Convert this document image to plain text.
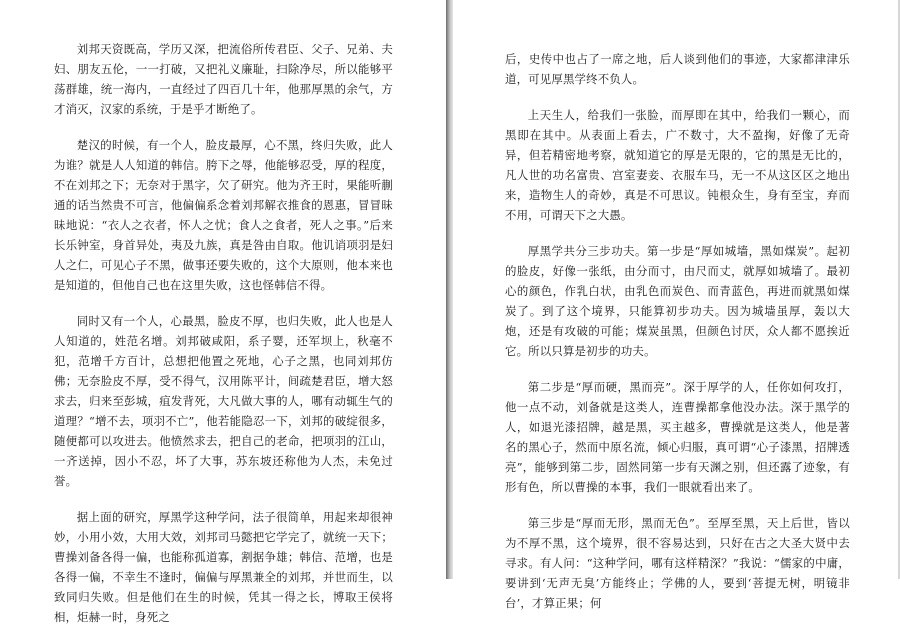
刘邦天资既高，学历又深，把流俗所传君臣、父子、兄弟、夫妇、朋友五伦，一一打破，又把礼义廉耻，扫除净尽，所以能够平荡群雄，统一海内，一直经过了四百几十年，他那厚黑的余气，方才消灭，汉家的系统，于是乎才断绝了。

楚汉的时候，有一个人，脸皮最厚，心不黑，终归失败，此人为谁？就是人人知道的韩信。胯下之辱，他能够忍受，厚的程度，不在刘邦之下；无奈对于黑字，欠了研究。他为齐王时，果能听蒯通的话当然贵不可言，他偏偏系念着刘邦解衣推食的恩惠，冒冒昧昧地说：“衣人之衣者，怀人之忧；食人之食者，死人之事。”后来长乐钟室，身首异处，夷及九族，真是咎由自取。他讥诮项羽是妇人之仁，可见心子不黑，做事还要失败的，这个大原则，他本来也是知道的，但他自己也在这里失败，这也怪韩信不得。

同时又有一个人，心最黑，脸皮不厚，也归失败，此人也是人人知道的，姓范名增。刘邦破咸阳，系子婴，还军坝上，秋毫不犯，范增千方百计，总想把他置之死地，心子之黑，也同刘邦仿佛；无奈脸皮不厚，受不得气，汉用陈平计，间疏楚君臣，增大怒求去，归来至彭城，疽发背死，大凡做大事的人，哪有动辄生气的道理？“增不去，项羽不亡”，他若能隐忍一下，刘邦的破绽很多，随便都可以攻进去。他愤然求去，把自己的老命，把项羽的江山，一齐送掉，因小不忍，坏了大事，苏东坡还称他为人杰，未免过誉。

据上面的研究，厚黑学这种学问，法子很简单，用起来却很神妙，小用小效，大用大效，刘邦司马懿把它学完了，就统一天下；曹操刘备各得一偏，也能称孤道寡，割据争雄；韩信、范增，也是各得一偏，不幸生不逢时，偏偏与厚黑兼全的刘邦，并世而生，以致同归失败。但是他们在生的时候，凭其一得之长，博取王侯将相，炬赫一时，身死之

后，史传中也占了一席之地，后人谈到他们的事迹，大家都津津乐道，可见厚黑学终不负人。

上天生人，给我们一张脸，而厚即在其中，给我们一颗心，而黑即在其中。从表面上看去，广不数寸，大不盈掬，好像了无奇异，但若精密地考察，就知道它的厚是无限的，它的黑是无比的，凡人世的功名富贵、宫室妻妾、衣服车马，无一不从这区区之地出来，造物生人的奇妙，真是不可思议。钝根众生，身有至宝，弃而不用，可谓天下之大愚。

厚黑学共分三步功夫。第一步是“厚如城墙，黑如煤炭”。起初的脸皮，好像一张纸，由分而寸，由尺而丈，就厚如城墙了。最初心的颜色，作乳白状，由乳色而炭色、而青蓝色，再进而就黑如煤炭了。到了这个境界，只能算初步功夫。因为城墙虽厚，轰以大炮，还是有攻破的可能；煤炭虽黑，但颜色讨厌，众人都不愿挨近它。所以只算是初步的功夫。

第二步是“厚而硬，黑而亮”。深于厚学的人，任你如何攻打，他一点不动，刘备就是这类人，连曹操都拿他没办法。深于黑学的人，如退光漆招牌，越是黑，买主越多，曹操就是这类人，他是著名的黑心子，然而中原名流，倾心归服，真可谓“心子漆黑，招牌透亮”，能够到第二步，固然同第一步有天渊之别，但还露了迹象，有形有色，所以曹操的本事，我们一眼就看出来了。

第三步是“厚而无形，黑而无色”。至厚至黑，天上后世，皆以为不厚不黑，这个境界，很不容易达到，只好在古之大圣大贤中去寻求。有人问：“这种学问，哪有这样精深？”我说：“儒家的中庸，要讲到‘无声无臭’方能终止；学佛的人，要到‘菩提无树，明镜非台’，才算正果；何
